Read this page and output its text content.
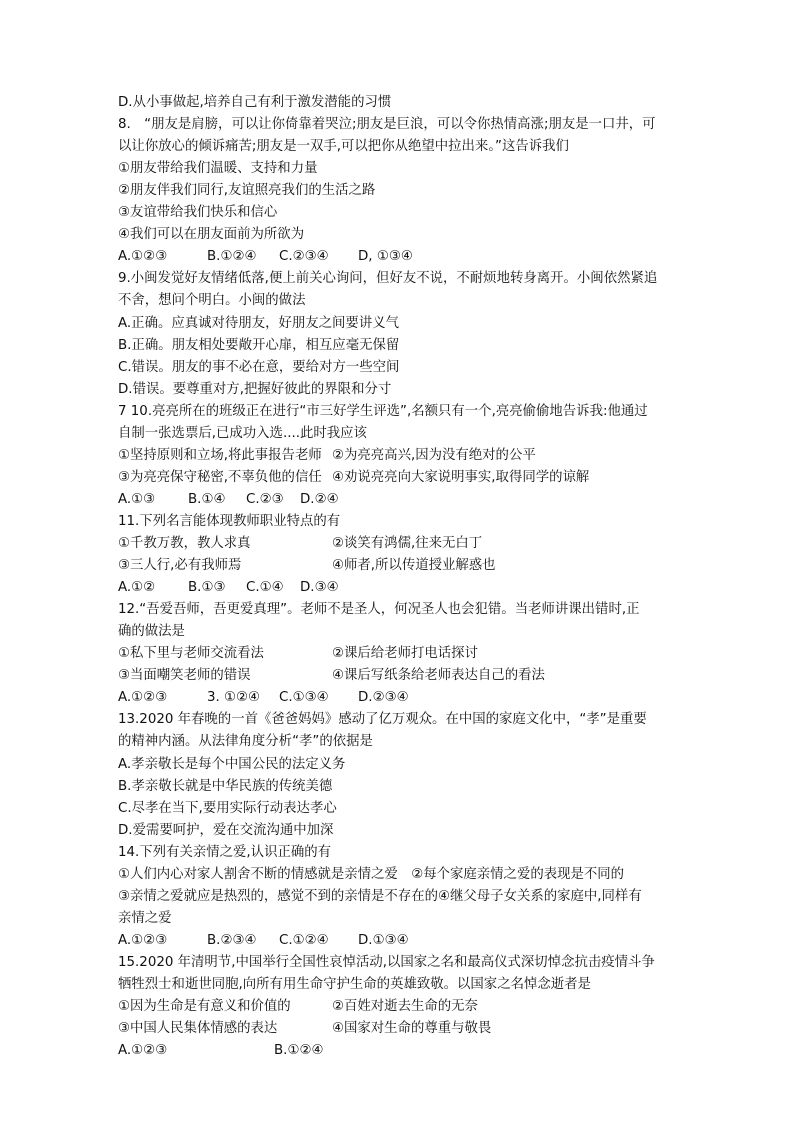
D.从小事做起,培养自己有利于激发潜能的习惯
8.　“朋友是肩膀，可以让你倚靠着哭泣;朋友是巨浪，可以令你热情高涨;朋友是一口井，可
以让你放心的倾诉痛苦;朋友是一双手,可以把你从绝望中拉出来。”这告诉我们
①朋友带给我们温暖、支持和力量
②朋友伴我们同行,友谊照亮我们的生活之路
③友谊带给我们快乐和信心
④我们可以在朋友面前为所欲为
A.①②③	B.①②④ C.②③④ D, ①③④
9.小闽发觉好友情绪低落,便上前关心询问，但好友不说，不耐烦地转身离开。小闽依然紧追
不舍，想问个明白。小闽的做法
A.正确。应真诚对待朋友，好朋友之间要讲义气
B.正确。朋友相处要敞开心扉，相互应毫无保留
C.错误。朋友的事不必在意，要给对方一些空间
D.错误。要尊重对方,把握好彼此的界限和分寸
7 10.亮亮所在的班级正在进行“市三好学生评选”,名额只有一个,亮亮偷偷地告诉我:他通过
自制一张选票后,已成功入选....此时我应该
①坚持原则和立场,将此事报告老师 ②为亮亮高兴,因为没有绝对的公平
③为亮亮保守秘密,不辜负他的信任 ④劝说亮亮向大家说明事实,取得同学的谅解
A.①③ B.①④ C.②③ D.②④
11.下列名言能体现教师职业特点的有
①千教万教，教人求真	②谈笑有鸿儒,往来无白丁
③三人行,必有我师焉	④师者,所以传道授业解惑也
A.①② B.①③ C.①④ D.③④
12.“吾爱吾师，吾更爱真理”。老师不是圣人，何况圣人也会犯错。当老师讲课出错时,正
确的做法是
①私下里与老师交流看法	②课后给老师打电话探讨
③当面嘲笑老师的错误	④课后写纸条给老师表达自己的看法
A.①②③	3. ①②④ C.①③④ D.②③④
13.2020 年春晚的一首《爸爸妈妈》感动了亿万观众。在中国的家庭文化中，“孝”是重要
的精神内涵。从法律角度分析“孝”的依据是
A.孝亲敬长是每个中国公民的法定义务
B.孝亲敬长就是中华民族的传统美德
C.尽孝在当下,要用实际行动表达孝心
D.爱需要呵护，爱在交流沟通中加深
14.下列有关亲情之爱,认识正确的有
①人们内心对家人割舍不断的情感就是亲情之爱　②每个家庭亲情之爱的表现是不同的
③亲情之爱就应是热烈的，感觉不到的亲情是不存在的④继父母子女关系的家庭中,同样有
亲情之爱
A.①②③	B.②③④ C.①②④ D.①③④
15.2020 年清明节,中国举行全国性哀悼活动,以国家之名和最高仪式深切悼念抗击疫情斗争
牺牲烈士和逝世同胞,向所有用生命守护生命的英雄致敬。以国家之名悼念逝者是
①因为生命是有意义和价值的	②百姓对逝去生命的无奈
③中国人民集体情感的表达	④国家对生命的尊重与敬畏
A.①②③	B.①②④
